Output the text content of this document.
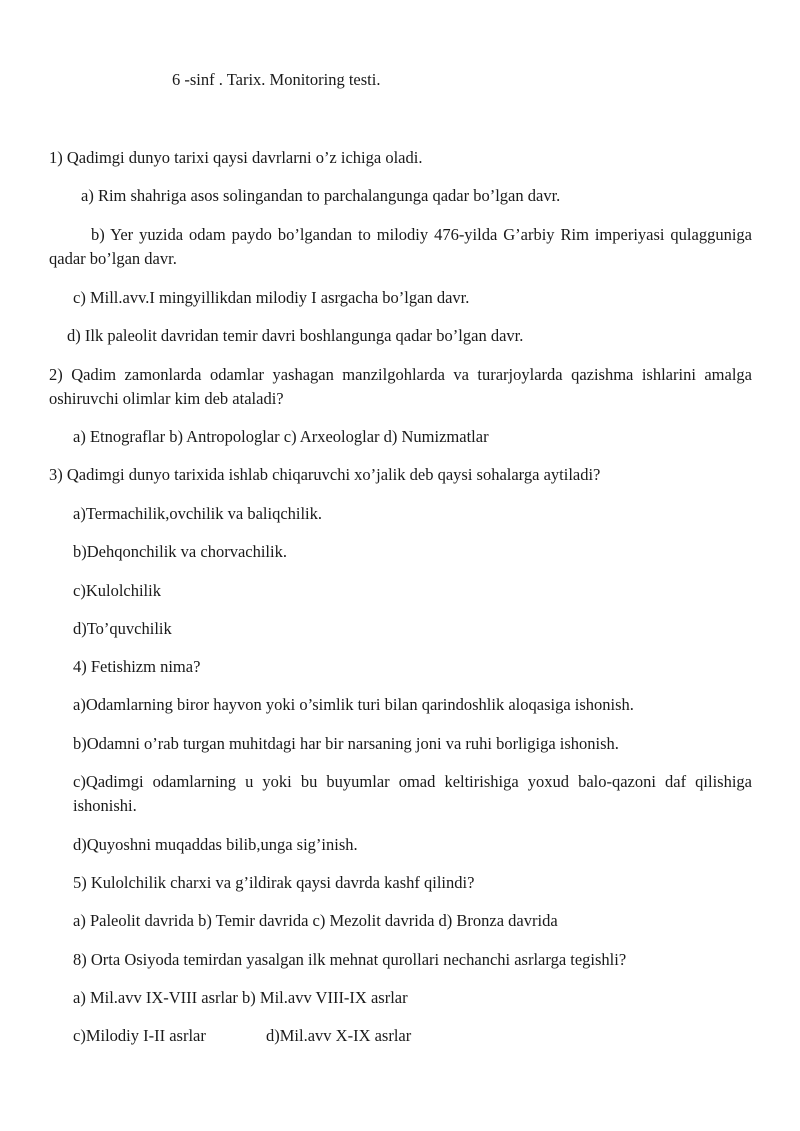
6 -sinf . Tarix. Monitoring testi.
1) Qadimgi dunyo tarixi qaysi davrlarni o’z ichiga oladi.
a) Rim shahriga asos solingandan to parchalangunga qadar bo’lgan davr.
b) Yer yuzida odam paydo bo’lgandan to milodiy 476-yilda G’arbiy Rim imperiyasi qulagguniga qadar bo’lgan davr.
c) Mill.avv.I mingyillikdan milodiy I asrgacha bo’lgan davr.
d) Ilk paleolit davridan temir davri boshlangunga qadar bo’lgan davr.
2) Qadim zamonlarda odamlar yashagan manzilgohlarda va turarjoylarda qazishma ishlarini amalga oshiruvchi olimlar kim deb ataladi?
a) Etnograflar b) Antropologlar c) Arxeologlar d) Numizmatlar
3) Qadimgi dunyo tarixida ishlab chiqaruvchi xo’jalik deb qaysi sohalarga aytiladi?
a)Termachilik,ovchilik va baliqchilik.
b)Dehqonchilik va chorvachilik.
c)Kulolchilik
d)To’quvchilik
4) Fetishizm nima?
a)Odamlarning biror hayvon yoki o’simlik turi bilan qarindoshlik aloqasiga ishonish.
b)Odamni o’rab turgan muhitdagi har bir narsaning joni va ruhi borligiga ishonish.
c)Qadimgi odamlarning u yoki bu buyumlar omad keltirishiga yoxud balo-qazoni daf qilishiga ishonishi.
d)Quyoshni muqaddas bilib,unga sig’inish.
5) Kulolchilik charxi va g’ildirak qaysi davrda kashf qilindi?
a) Paleolit davrida b) Temir davrida c) Mezolit davrida d) Bronza davrida
8) Orta Osiyoda temirdan yasalgan ilk mehnat qurollari nechanchi asrlarga tegishli?
a) Mil.avv IX-VIII asrlar b) Mil.avv VIII-IX asrlar
c)Milodiy I-II asrlar	d)Mil.avv X-IX asrlar
